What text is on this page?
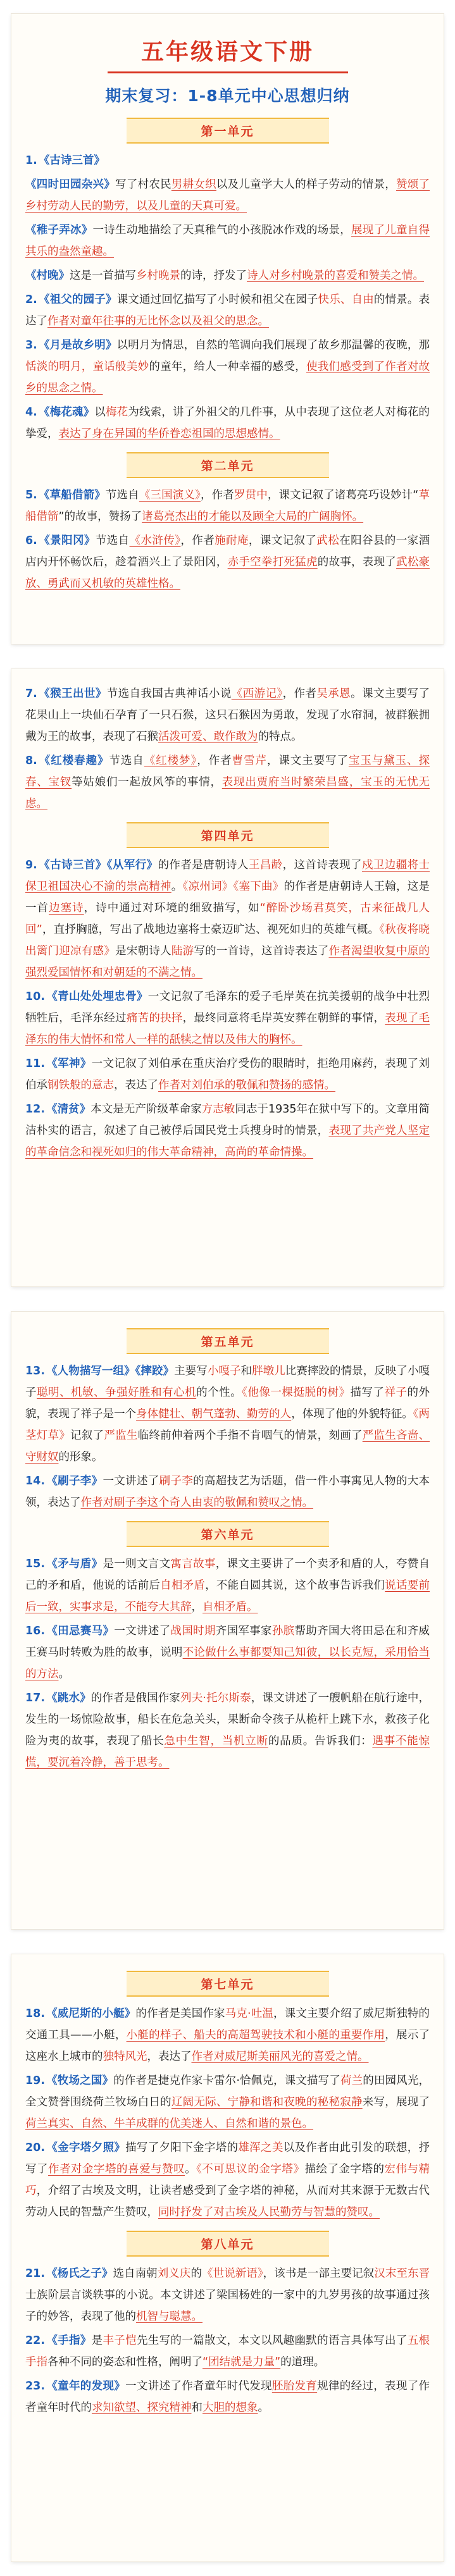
五年级语文下册
期末复习：1-8单元中心思想归纳
第一单元

1. 《古诗三首》

《四时田园杂兴》写了村农民男耕女织以及儿童学大人的样子劳动的情景，赞颂了乡村劳动人民的勤劳，以及儿童的天真可爱。

《稚子弄冰》一诗生动地描绘了天真稚气的小孩脱冰作戏的场景，展现了儿童自得其乐的盎然童趣。

《村晚》这是一首描写乡村晚景的诗，抒发了诗人对乡村晚景的喜爱和赞美之情。

2. 《祖父的园子》课文通过回忆描写了小时候和祖父在园子快乐、自由的情景。表达了作者对童年往事的无比怀念以及祖父的思念。

3. 《月是故乡明》以明月为情思，自然的笔调向我们展现了故乡那温馨的夜晚，那恬淡的明月，童话般美妙的童年，给人一种幸福的感受，使我们感受到了作者对故乡的思念之情。

4. 《梅花魂》以梅花为线索，讲了外祖父的几件事，从中表现了这位老人对梅花的挚爱，表达了身在异国的华侨眷恋祖国的思想感情。

第二单元

5. 《草船借箭》节选自《三国演义》，作者罗贯中，课文记叙了诸葛亮巧设妙计“草船借箭”的故事，赞扬了诸葛亮杰出的才能以及顾全大局的广阔胸怀。

6. 《景阳冈》节选自《水浒传》，作者施耐庵，课文记叙了武松在阳谷县的一家酒店内开怀畅饮后，趁着酒兴上了景阳冈，赤手空拳打死猛虎的故事，表现了武松豪放、勇武而又机敏的英雄性格。

7. 《猴王出世》节选自我国古典神话小说《西游记》，作者吴承恩。课文主要写了花果山上一块仙石孕育了一只石猴，这只石猴因为勇敢，发现了水帘洞，被群猴拥戴为王的故事，表现了石猴活泼可爱、敢作敢为的特点。

8. 《红楼春趣》节选自《红楼梦》，作者曹雪芹，课文主要写了宝玉与黛玉、探春、宝钗等姑娘们一起放风筝的事情，表现出贾府当时繁荣昌盛，宝玉的无忧无虑。

第四单元

9. 《古诗三首》《从军行》的作者是唐朝诗人王昌龄，这首诗表现了戍卫边疆将士保卫祖国决心不渝的崇高精神。《凉州词》《塞下曲》的作者是唐朝诗人王翰，这是一首边塞诗，诗中通过对环境的细致描写，如“醉卧沙场君莫笑，古来征战几人回”，直抒胸臆，写出了战地边塞将士豪迈旷达、视死如归的英雄气概。《秋夜将晓出篱门迎凉有感》是宋朝诗人陆游写的一首诗，这首诗表达了作者渴望收复中原的强烈爱国情怀和对朝廷的不满之情。

10. 《青山处处埋忠骨》一文记叙了毛泽东的爱子毛岸英在抗美援朝的战争中壮烈牺牲后，毛泽东经过痛苦的抉择，最终同意将毛岸英安葬在朝鲜的事情，表现了毛泽东的伟大情怀和常人一样的舐犊之情以及伟大的胸怀。

11. 《军神》一文记叙了刘伯承在重庆治疗受伤的眼睛时，拒绝用麻药，表现了刘伯承钢铁般的意志，表达了作者对刘伯承的敬佩和赞扬的感情。

12. 《清贫》本文是无产阶级革命家方志敏同志于1935年在狱中写下的。文章用简洁朴实的语言，叙述了自己被俘后国民党士兵搜身时的情景，表现了共产党人坚定的革命信念和视死如归的伟大革命精神，高尚的革命情操。

第五单元

13. 《人物描写一组》《摔跤》主要写小嘎子和胖墩儿比赛摔跤的情景，反映了小嘎子聪明、机敏、争强好胜和有心机的个性。《他像一棵挺脱的树》描写了祥子的外貌，表现了祥子是一个身体健壮、朝气蓬勃、勤劳的人，体现了他的外貌特征。《两茎灯草》记叙了严监生临终前伸着两个手指不肯咽气的情景，刻画了严监生吝啬、守财奴的形象。

14. 《刷子李》一文讲述了刷子李的高超技艺为话题，借一件小事寓见人物的大本领，表达了作者对刷子李这个奇人由衷的敬佩和赞叹之情。

第六单元

15. 《矛与盾》是一则文言文寓言故事，课文主要讲了一个卖矛和盾的人，夸赞自己的矛和盾，他说的话前后自相矛盾，不能自圆其说，这个故事告诉我们说话要前后一致，实事求是，不能夸大其辞，自相矛盾。

16. 《田忌赛马》一文讲述了战国时期齐国军事家孙膑帮助齐国大将田忌在和齐威王赛马时转败为胜的故事，说明不论做什么事都要知己知彼，以长克短，采用恰当的方法。

17. 《跳水》的作者是俄国作家列夫·托尔斯泰，课文讲述了一艘帆船在航行途中，发生的一场惊险故事，船长在危急关头，果断命令孩子从桅杆上跳下水，救孩子化险为夷的故事，表现了船长急中生智，当机立断的品质。告诉我们：遇事不能惊慌，要沉着冷静，善于思考。

第七单元

18. 《威尼斯的小艇》的作者是美国作家马克·吐温，课文主要介绍了威尼斯独特的交通工具——小艇，小艇的样子、船夫的高超驾驶技术和小艇的重要作用，展示了这座水上城市的独特风光，表达了作者对威尼斯美丽风光的喜爱之情。

19. 《牧场之国》的作者是捷克作家卡雷尔·恰佩克，课文描写了荷兰的田园风光，全文赞誉围绕荷兰牧场白日的辽阔无际、宁静和谐和夜晚的秘秘寂静来写，展现了荷兰真实、自然、牛羊成群的优美迷人、自然和谐的景色。

20. 《金字塔夕照》描写了夕阳下金字塔的雄浑之美以及作者由此引发的联想，抒写了作者对金字塔的喜爱与赞叹。《不可思议的金字塔》描绘了金字塔的宏伟与精巧，介绍了古埃及文明，让读者感受到了金字塔的神秘，从而对其来源于无数古代劳动人民的智慧产生赞叹，同时抒发了对古埃及人民勤劳与智慧的赞叹。

第八单元

21. 《杨氏之子》选自南朝刘义庆的《世说新语》，该书是一部主要记叙汉末至东晋士族阶层言谈轶事的小说。本文讲述了梁国杨姓的一家中的九岁男孩的故事通过孩子的妙答，表现了他的机智与聪慧。

22. 《手指》是丰子恺先生写的一篇散文，本文以风趣幽默的语言具体写出了五根手指各种不同的姿态和性格，阐明了“团结就是力量”的道理。

23. 《童年的发现》一文讲述了作者童年时代发现胚胎发育规律的经过，表现了作者童年时代的求知欲望、探究精神和大胆的想象。
